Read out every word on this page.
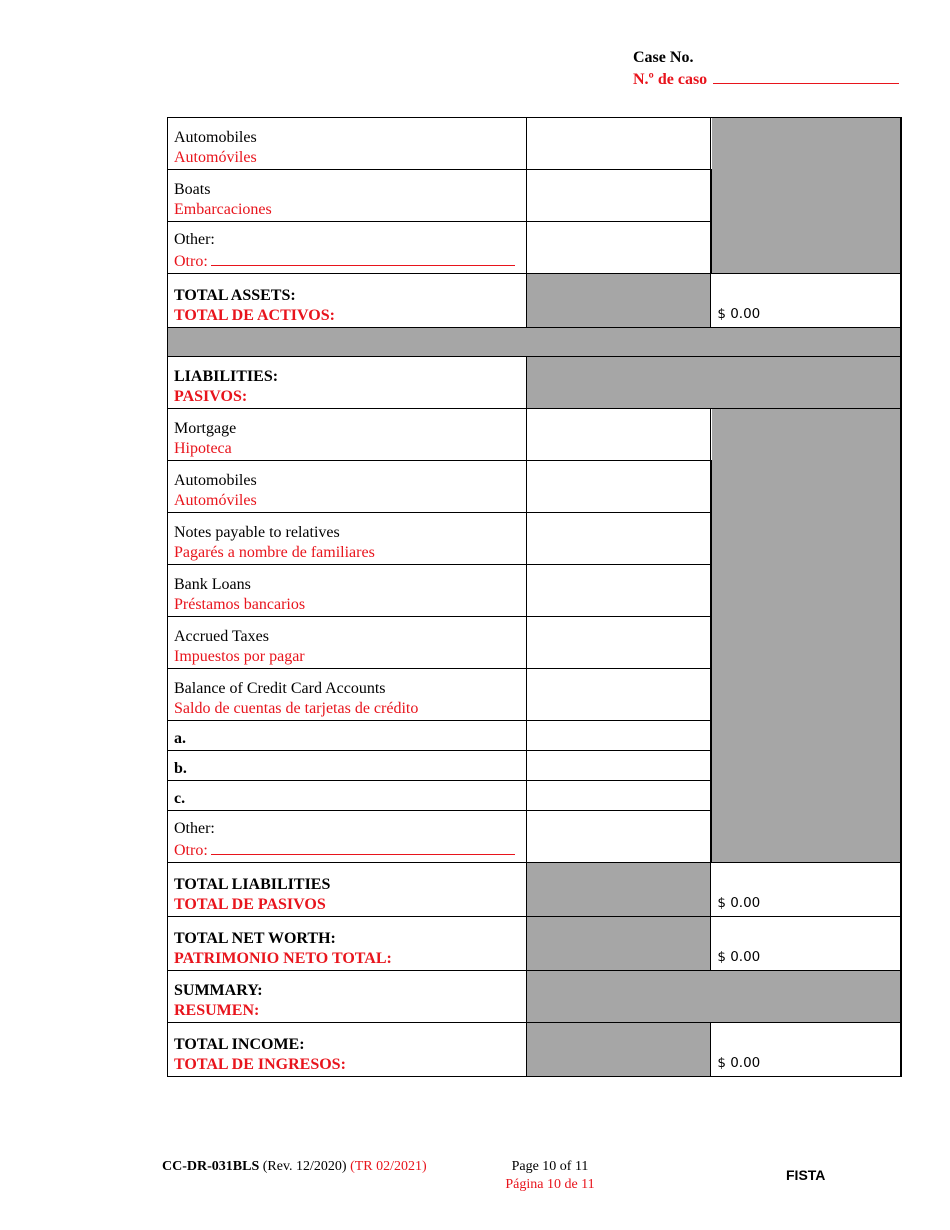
Case No.
N.º de caso
Automobiles
Automóviles		

Boats
Embarcaciones		

Other:
Otro:		

TOTAL ASSETS:
TOTAL DE ACTIVOS:		$ 0.00

LIABILITIES:
PASIVOS:		

Mortgage
Hipoteca		

Automobiles
Automóviles		

Notes payable to relatives
Pagarés a nombre de familiares		

Bank Loans
Préstamos bancarios		

Accrued Taxes
Impuestos por pagar		

Balance of Credit Card Accounts
Saldo de cuentas de tarjetas de crédito		

a.		
b.		
c.		

Other:
Otro:		

TOTAL LIABILITIES
TOTAL DE PASIVOS		$ 0.00

TOTAL NET WORTH:
PATRIMONIO NETO TOTAL:		$ 0.00

SUMMARY:
RESUMEN:		

TOTAL INCOME:
TOTAL DE INGRESOS:		$ 0.00
CC-DR-031BLS (Rev. 12/2020) (TR 02/2021)	Page 10 of 11
Página 10 de 11
FISTA
